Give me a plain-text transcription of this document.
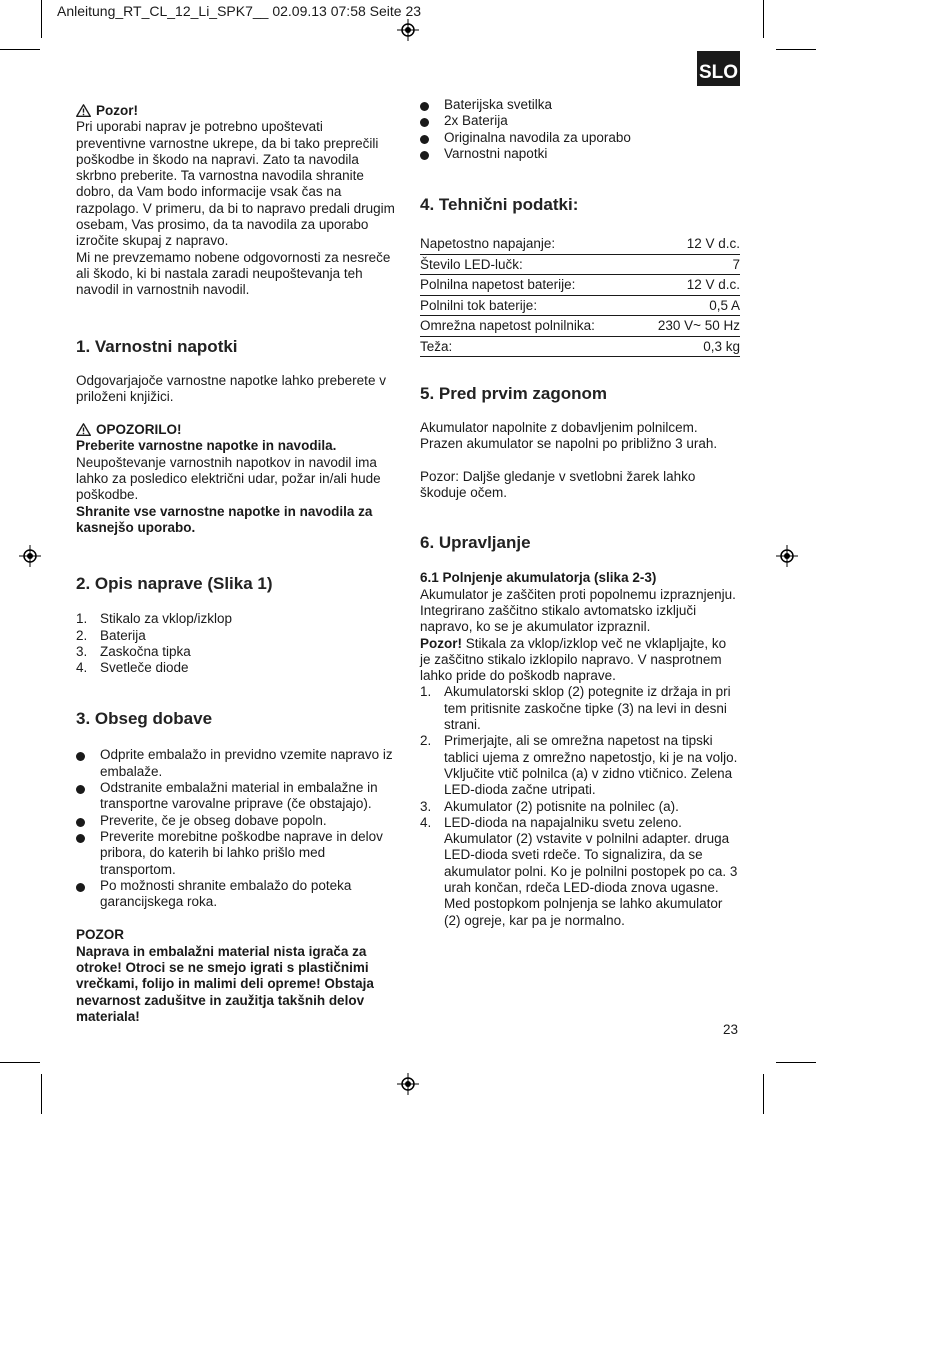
Anleitung_RT_CL_12_Li_SPK7__ 02.09.13 07:58 Seite 23
SLO

Pozor!

Pri uporabi naprav je potrebno upoštevati preventivne varnostne ukrepe, da bi tako preprečili poškodbe in škodo na napravi. Zato ta navodila skrbno preberite. Ta varnostna navodila shranite dobro, da Vam bodo informacije vsak čas na razpolago. V primeru, da bi to napravo predali drugim osebam, Vas prosimo, da ta navodila za uporabo izročite skupaj z napravo.

Mi ne prevzemamo nobene odgovornosti za nesreče ali škodo, ki bi nastala zaradi neupoštevanja teh navodil in varnostnih navodil.

1. Varnostni napotki

Odgovarjajoče varnostne napotke lahko preberete v priloženi knjižici.

OPOZORILO!

Preberite varnostne napotke in navodila.

Neupoštevanje varnostnih napotkov in navodil ima lahko za posledico električni udar, požar in/ali hude poškodbe.

Shranite vse varnostne napotke in navodila za kasnejšo uporabo.

2. Opis naprave (Slika 1)
1. Stikalo za vklop/izklop
2. Baterija
3. Zaskočna tipka
4. Svetleče diode
3. Obseg dobave
Odprite embalažo in previdno vzemite napravo iz embalaže.
Odstranite embalažni material in embalažne in transportne varovalne priprave (če obstajajo).
Preverite, če je obseg dobave popoln.
Preverite morebitne poškodbe naprave in delov pribora, do katerih bi lahko prišlo med transportom.
Po možnosti shranite embalažo do poteka garancijskega roka.

POZOR

Naprava in embalažni material nista igrača za otroke! Otroci se ne smejo igrati s plastičnimi vrečkami, folijo in malimi deli opreme! Obstaja nevarnost zadušitve in zaužitja takšnih delov materiala!

Baterijska svetilka
2x Baterija
Originalna navodila za uporabo
Varnostni napotki
4. Tehnični podatki:
Napetostno napajanje:	12 V d.c.
Število LED-lučk:	7
Polnilna napetost baterije:	12 V d.c.
Polnilni tok baterije:	0,5 A
Omrežna napetost polnilnika:	230 V~ 50 Hz
Teža:	0,3 kg
5. Pred prvim zagonom

Akumulator napolnite z dobavljenim polnilcem. Prazen akumulator se napolni po približno 3 urah.

Pozor: Daljše gledanje v svetlobni žarek lahko škoduje očem.

6. Upravljanje

6.1 Polnjenje akumulatorja (slika 2-3)

Akumulator je zaščiten proti popolnemu izpraznjenju. Integrirano zaščitno stikalo avtomatsko izklјuči napravo, ko se je akumulator izpraznil.

Pozor! Stikala za vklop/izklop več ne vklapljajte, ko je zaščitno stikalo izklopilo napravo. V nasprotnem lahko pride do poškodb naprave.

1. Akumulatorski sklop (2) potegnite iz držaja in pri tem pritisnite zaskočne tipke (3) na levi in desni strani.
2. Primerjajte, ali se omrežna napetost na tipski tablici ujema z omrežno napetostjo, ki je na voljo. Vključite vtič polnilca (a) v zidno vtičnico. Zelena LED-dioda začne utripati.
3. Akumulator (2) potisnite na polnilec (a).
4. LED-dioda na napajalniku svetu zeleno. Akumulator (2) vstavite v polnilni adapter. druga LED-dioda sveti rdeče. To signalizira, da se akumulator polni. Ko je polnilni postopek po ca. 3 urah končan, rdeča LED-dioda znova ugasne. Med postopkom polnjenja se lahko akumulator (2) ogreje, kar pa je normalno.
23
